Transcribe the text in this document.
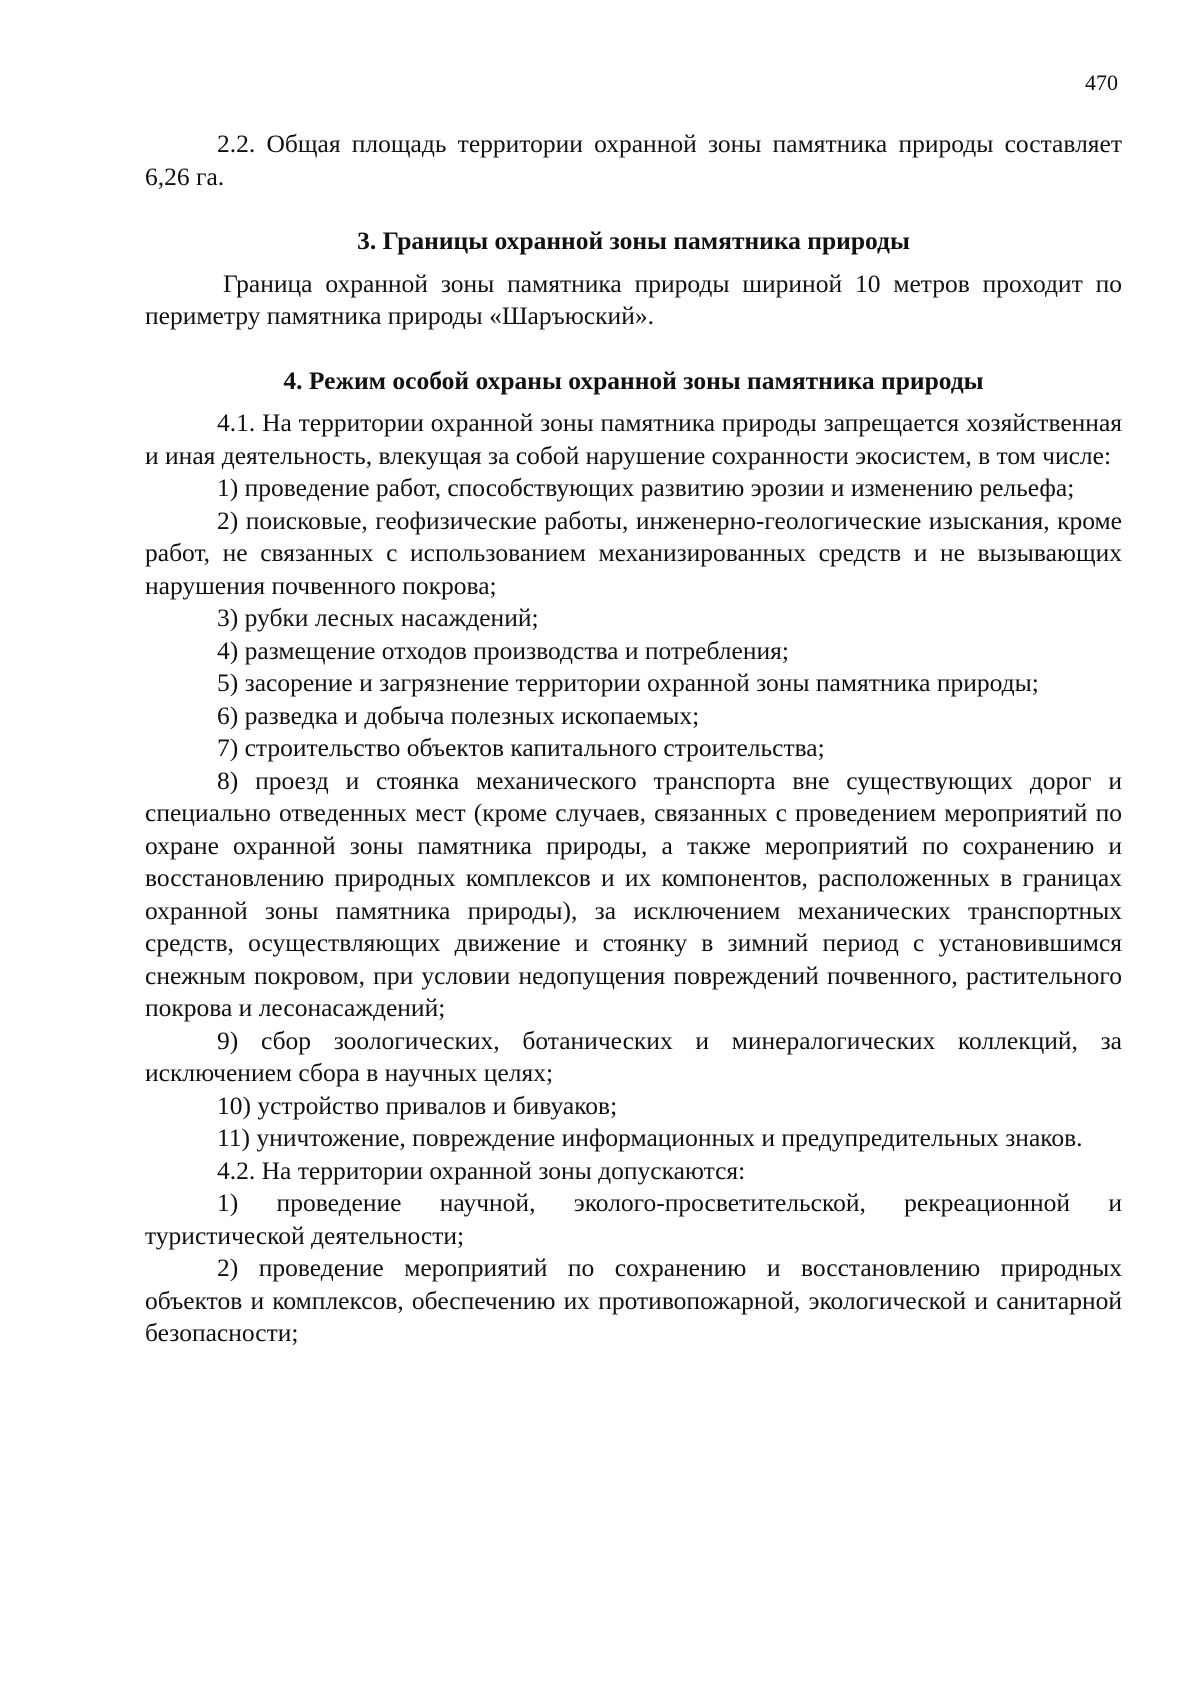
470

2.2. Общая площадь территории охранной зоны памятника природы составляет 6,26 га.

3. Границы охранной зоны памятника природы

Граница охранной зоны памятника природы шириной 10 метров проходит по периметру памятника природы «Шаръюский».

4. Режим особой охраны охранной зоны памятника природы

4.1. На территории охранной зоны памятника природы запрещается хозяйственная и иная деятельность, влекущая за собой нарушение сохранности экосистем, в том числе:

1) проведение работ, способствующих развитию эрозии и изменению рельефа;

2) поисковые, геофизические работы, инженерно-геологические изыскания, кроме работ, не связанных с использованием механизированных средств и не вызывающих нарушения почвенного покрова;

3) рубки лесных насаждений;

4) размещение отходов производства и потребления;

5) засорение и загрязнение территории охранной зоны памятника природы;

6) разведка и добыча полезных ископаемых;

7) строительство объектов капитального строительства;

8) проезд и стоянка механического транспорта вне существующих дорог и специально отведенных мест (кроме случаев, связанных с проведением мероприятий по охране охранной зоны памятника природы, а также мероприятий по сохранению и восстановлению природных комплексов и их компонентов, расположенных в границах охранной зоны памятника природы), за исключением механических транспортных средств, осуществляющих движение и стоянку в зимний период с установившимся снежным покровом, при условии недопущения повреждений почвенного, растительного покрова и лесонасаждений;

9) сбор зоологических, ботанических и минералогических коллекций, за исключением сбора в научных целях;

10) устройство привалов и бивуаков;

11) уничтожение, повреждение информационных и предупредительных знаков.

4.2. На территории охранной зоны допускаются:

1) проведение научной, эколого-просветительской, рекреационной и туристической деятельности;

2) проведение мероприятий по сохранению и восстановлению природных объектов и комплексов, обеспечению их противопожарной, экологической и санитарной безопасности;
